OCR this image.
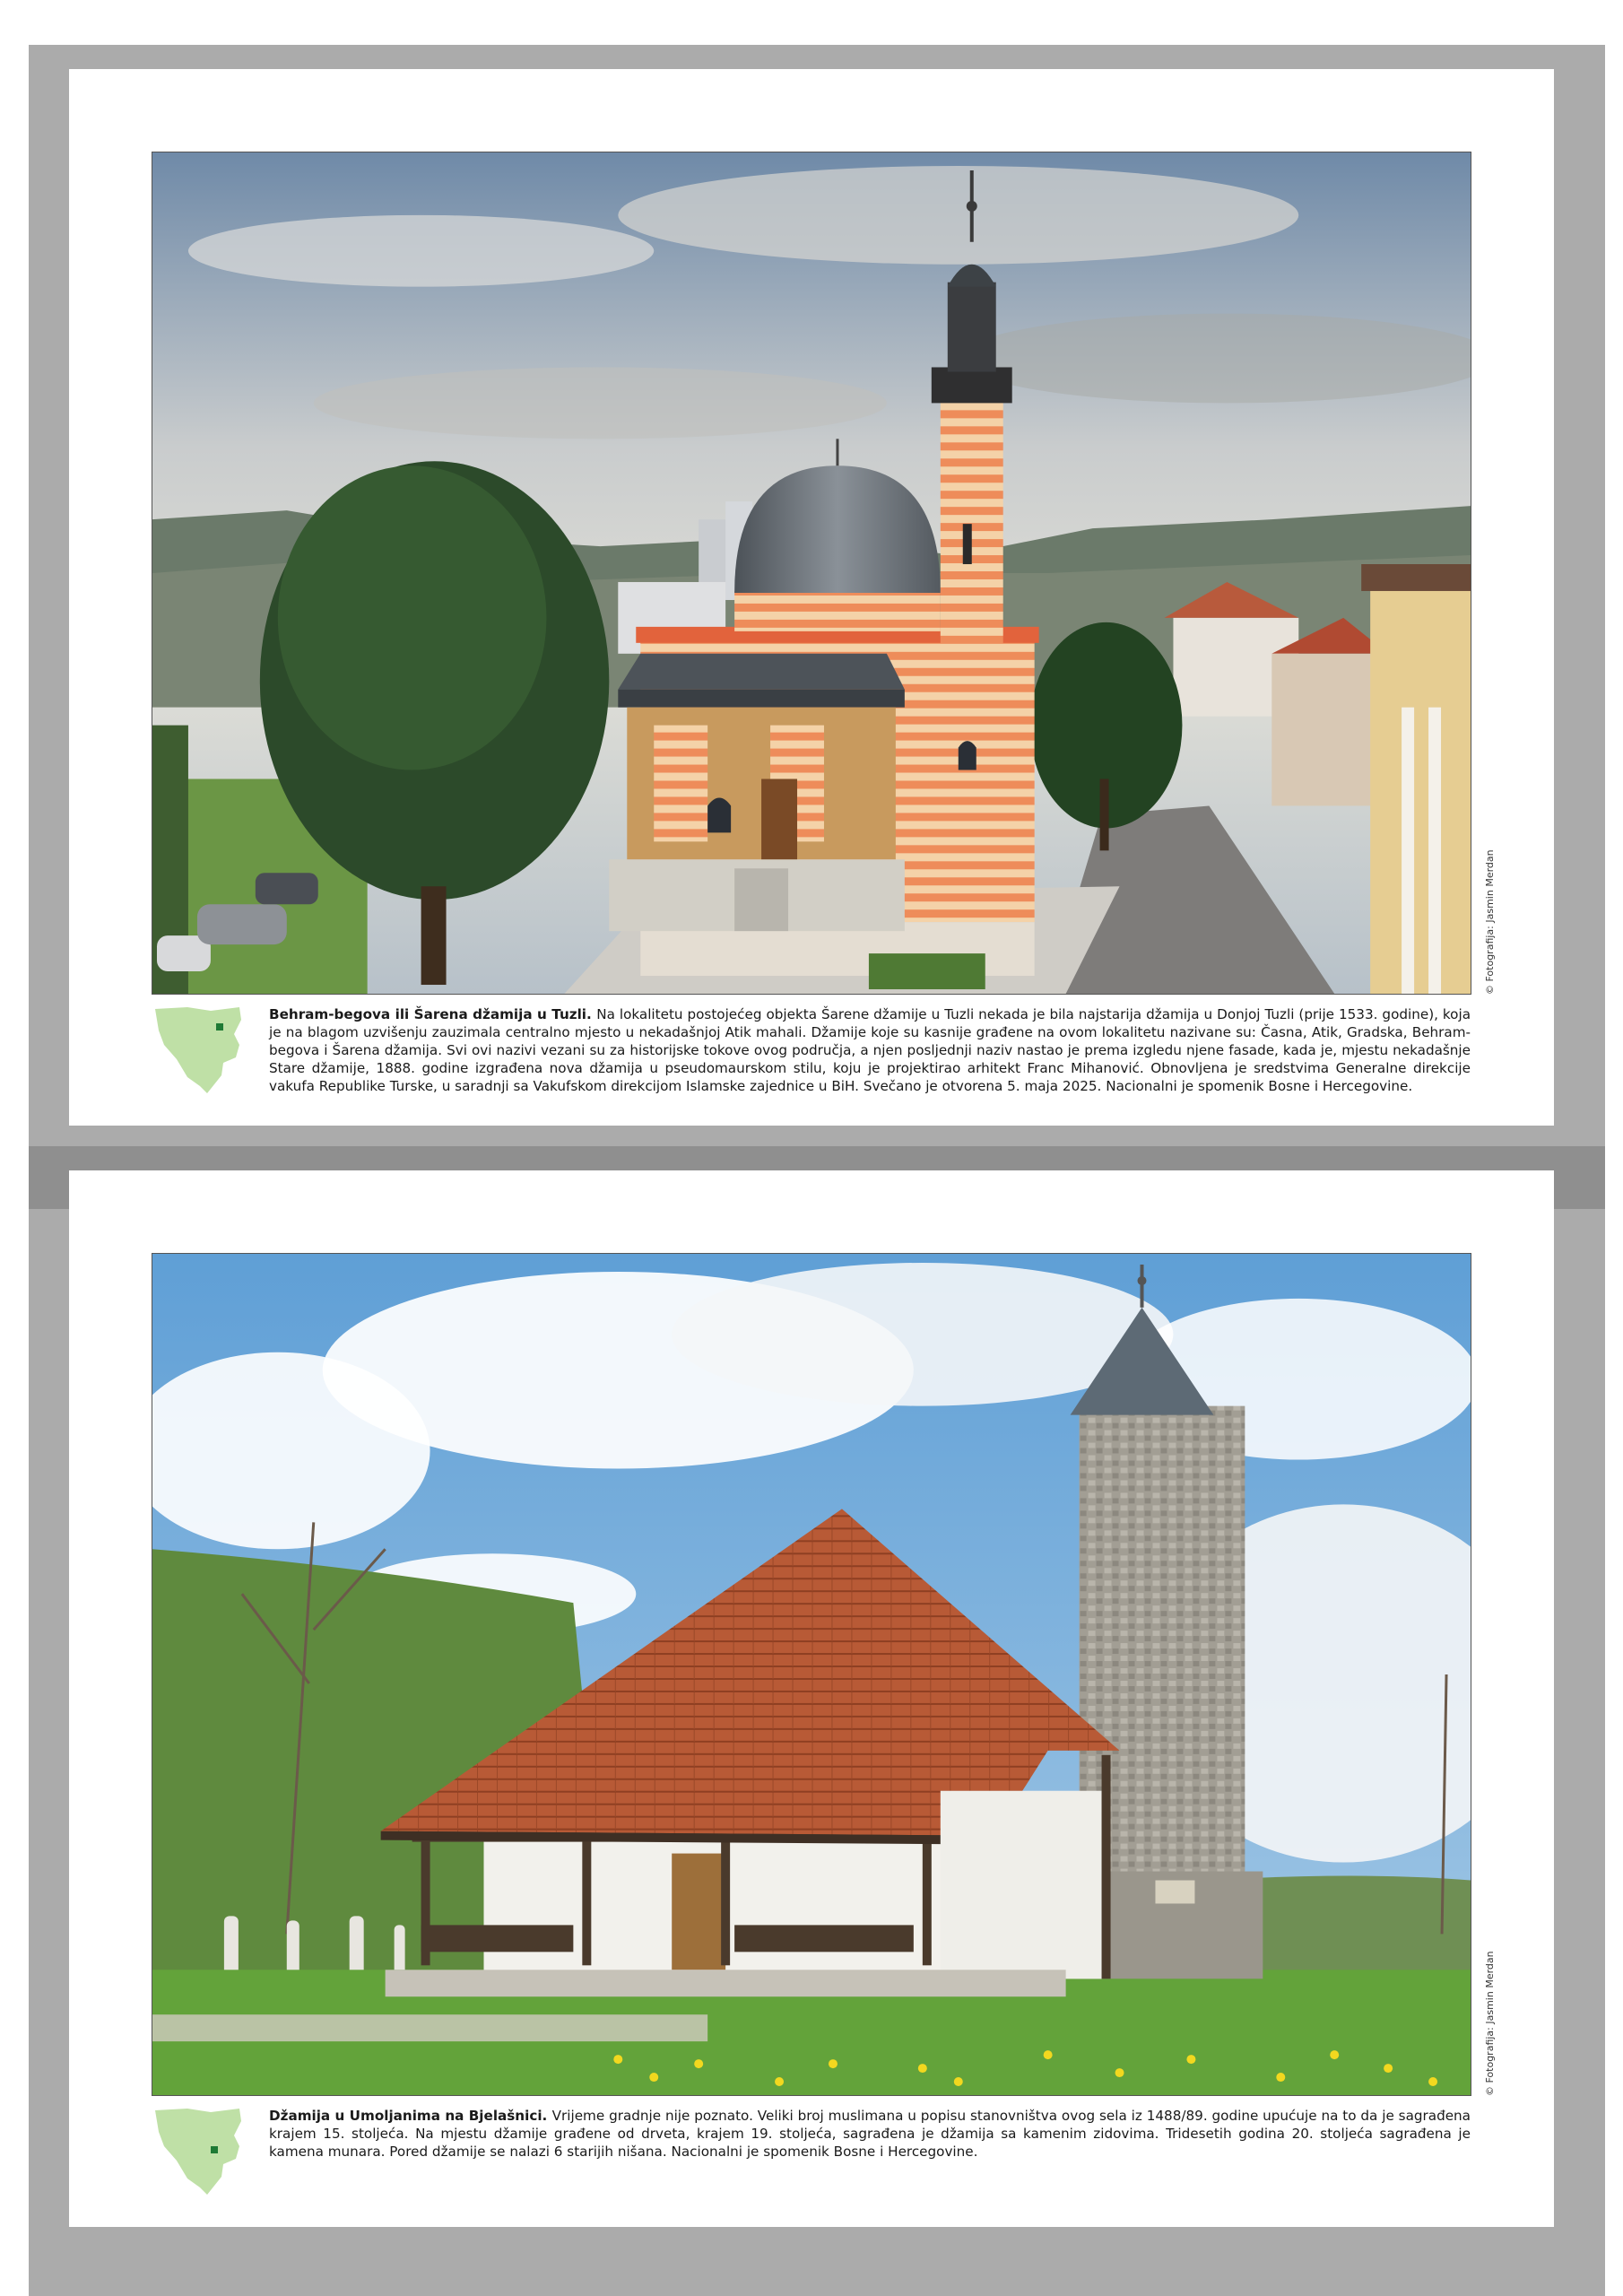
© Fotografija: Jasmin Merdan
Behram-begova ili Šarena džamija u Tuzli. Na lokalitetu postojećeg objekta Šarene džamije u Tuzli nekada je bila najstarija džamija u Donjoj Tuzli (prije 1533. godine), koja je na blagom uzvišenju zauzimala centralno mjesto u nekadašnjoj Atik mahali. Džamije koje su kasnije građene na ovom lokalitetu nazivane su: Časna, Atik, Gradska, Behram-begova i Šarena džamija. Svi ovi nazivi vezani su za historijske tokove ovog područja, a njen posljednji naziv nastao je prema izgledu njene fasade, kada je, mjestu nekadašnje Stare džamije, 1888. godine izgrađena nova džamija u pseudomaurskom stilu, koju je projektirao arhitekt Franc Mihanović. Obnovljena je sredstvima Generalne direkcije vakufa Republike Turske, u saradnji sa Vakufskom direkcijom Islamske zajednice u BiH. Svečano je otvorena 5. maja 2025. Nacionalni je spomenik Bosne i Hercegovine.
© Fotografija: Jasmin Merdan
Džamija u Umoljanima na Bjelašnici. Vrijeme gradnje nije poznato. Veliki broj muslimana u popisu stanovništva ovog sela iz 1488/89. godine upućuje na to da je sagrađena krajem 15. stoljeća. Na mjestu džamije građene od drveta, krajem 19. stoljeća, sagrađena je džamija sa kamenim zidovima. Tridesetih godina 20. stoljeća sagrađena je kamena munara. Pored džamije se nalazi 6 starijih nišana. Nacionalni je spomenik Bosne i Hercegovine.
